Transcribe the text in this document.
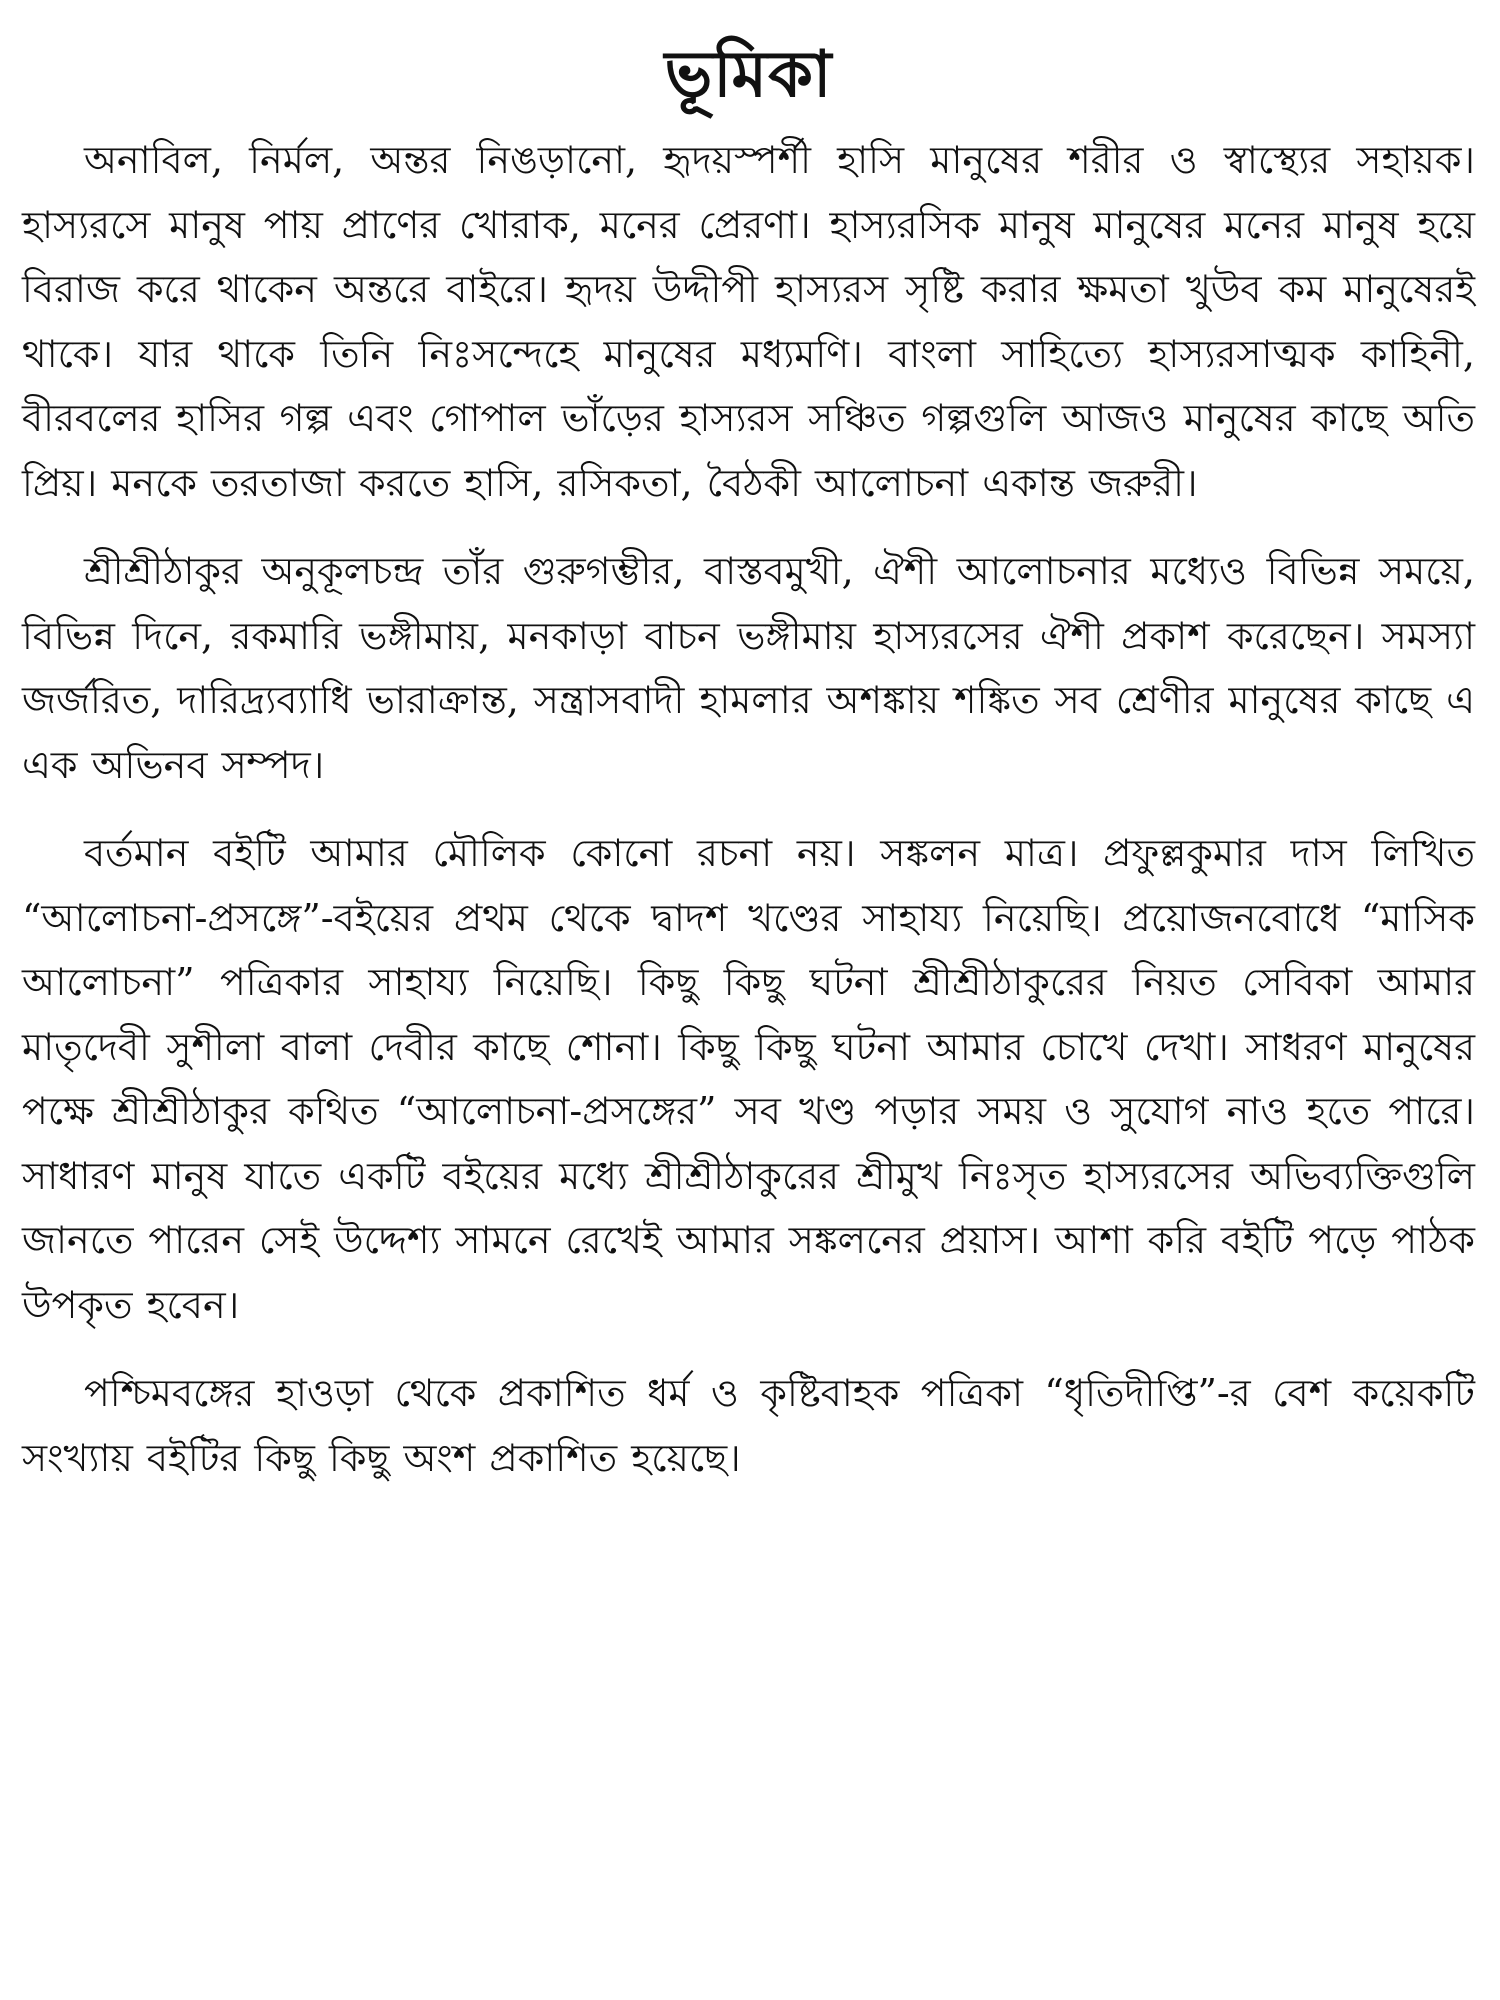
ভূমিকা

অনাবিল, নির্মল, অন্তর নিঙড়ানো, হৃদয়স্পর্শী হাসি মানুষের শরীর ও স্বাস্থ্যের সহায়ক। হাস্যরসে মানুষ পায় প্রাণের খোরাক, মনের প্রেরণা। হাস্যরসিক মানুষ মানুষের মনের মানুষ হয়ে বিরাজ করে থাকেন অন্তরে বাইরে। হৃদয় উদ্দীপী হাস্যরস সৃষ্টি করার ক্ষমতা খুউব কম মানুষেরই থাকে। যার থাকে তিনি নিঃসন্দেহে মানুষের মধ্যমণি। বাংলা সাহিত্যে হাস্যরসাত্মক কাহিনী, বীরবলের হাসির গল্প এবং গোপাল ভাঁড়ের হাস্যরস সঞ্চিত গল্পগুলি আজও মানুষের কাছে অতি প্রিয়। মনকে তরতাজা করতে হাসি, রসিকতা, বৈঠকী আলোচনা একান্ত জরুরী।

শ্রীশ্রীঠাকুর অনুকূলচন্দ্র তাঁর গুরুগম্ভীর, বাস্তবমুখী, ঐশী আলোচনার মধ্যেও বিভিন্ন সময়ে, বিভিন্ন দিনে, রকমারি ভঙ্গীমায়, মনকাড়া বাচন ভঙ্গীমায় হাস্যরসের ঐশী প্রকাশ করেছেন। সমস্যা জর্জরিত, দারিদ্র্যব্যাধি ভারাক্রান্ত, সন্ত্রাসবাদী হামলার অশঙ্কায় শঙ্কিত সব শ্রেণীর মানুষের কাছে এ এক অভিনব সম্পদ।

বর্তমান বইটি আমার মৌলিক কোনো রচনা নয়। সঙ্কলন মাত্র। প্রফুল্লকুমার দাস লিখিত “আলোচনা-প্রসঙ্গে”-বইয়ের প্রথম থেকে দ্বাদশ খণ্ডের সাহায্য নিয়েছি। প্রয়োজনবোধে “মাসিক আলোচনা” পত্রিকার সাহায্য নিয়েছি। কিছু কিছু ঘটনা শ্রীশ্রীঠাকুরের নিয়ত সেবিকা আমার মাতৃদেবী সুশীলা বালা দেবীর কাছে শোনা। কিছু কিছু ঘটনা আমার চোখে দেখা। সাধরণ মানুষের পক্ষে শ্রীশ্রীঠাকুর কথিত “আলোচনা-প্রসঙ্গের” সব খণ্ড পড়ার সময় ও সুযোগ নাও হতে পারে। সাধারণ মানুষ যাতে একটি বইয়ের মধ্যে শ্রীশ্রীঠাকুরের শ্রীমুখ নিঃসৃত হাস্যরসের অভিব্যক্তিগুলি জানতে পারেন সেই উদ্দেশ্য সামনে রেখেই আমার সঙ্কলনের প্রয়াস। আশা করি বইটি পড়ে পাঠক উপকৃত হবেন।

পশ্চিমবঙ্গের হাওড়া থেকে প্রকাশিত ধর্ম ও কৃষ্টিবাহক পত্রিকা “ধৃতিদীপ্তি”-র বেশ কয়েকটি সংখ্যায় বইটির কিছু কিছু অংশ প্রকাশিত হয়েছে।
